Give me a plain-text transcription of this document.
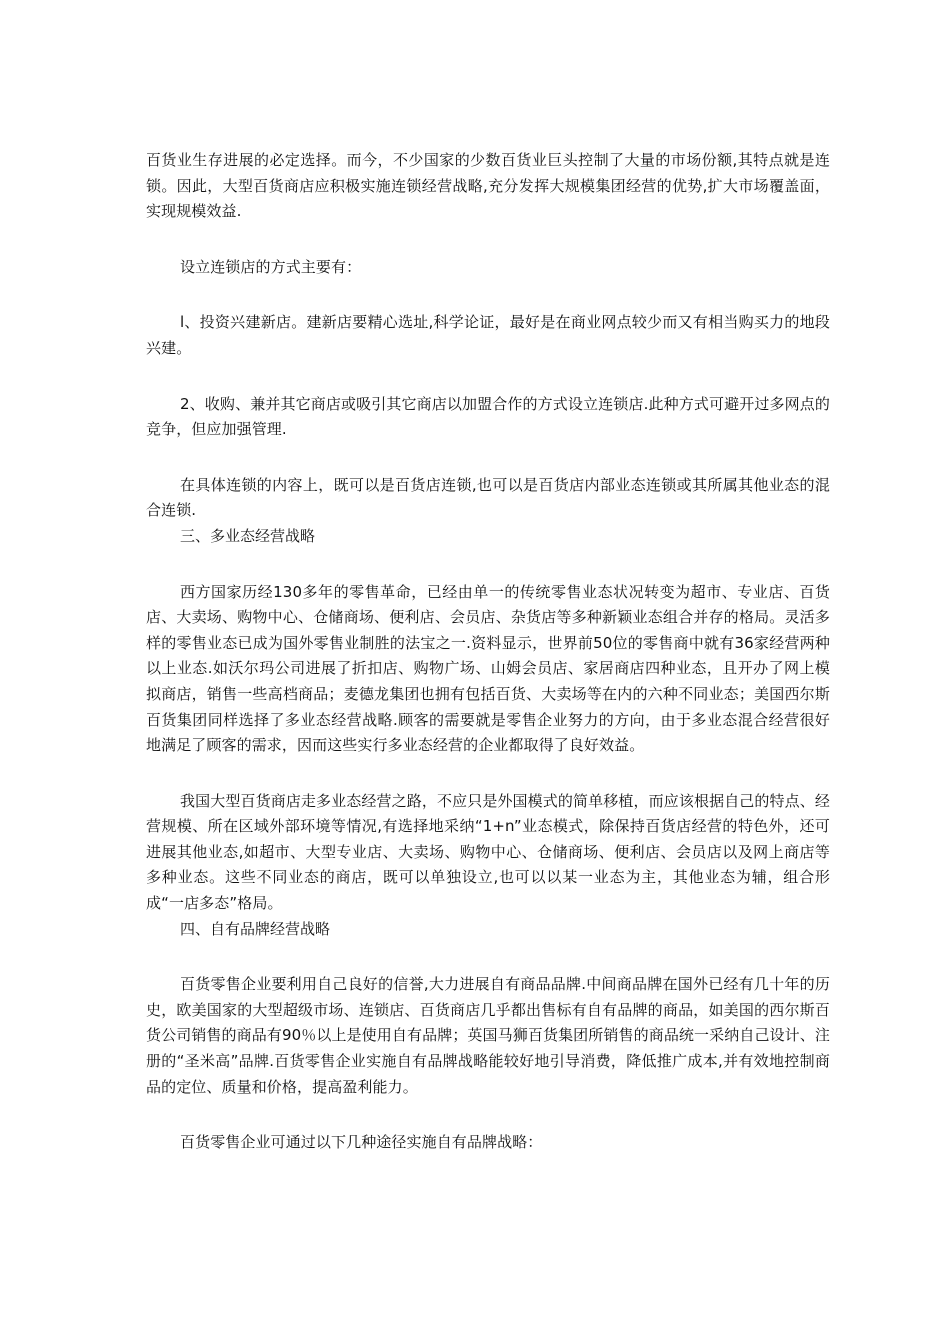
百货业生存进展的必定选择。而今，不少国家的少数百货业巨头控制了大量的市场份额,其特点就是连锁。因此，大型百货商店应积极实施连锁经营战略,充分发挥大规模集团经营的优势,扩大市场覆盖面，实现规模效益.

设立连锁店的方式主要有：

l、投资兴建新店。建新店要精心选址,科学论证，最好是在商业网点较少而又有相当购买力的地段兴建。

2、收购、兼并其它商店或吸引其它商店以加盟合作的方式设立连锁店.此种方式可避开过多网点的竞争，但应加强管理.

在具体连锁的内容上，既可以是百货店连锁,也可以是百货店内部业态连锁或其所属其他业态的混合连锁.

三、多业态经营战略

西方国家历经130多年的零售革命，已经由单一的传统零售业态状况转变为超市、专业店、百货店、大卖场、购物中心、仓储商场、便利店、会员店、杂货店等多种新颖业态组合并存的格局。灵活多样的零售业态已成为国外零售业制胜的法宝之一.资料显示，世界前50位的零售商中就有36家经营两种以上业态.如沃尔玛公司进展了折扣店、购物广场、山姆会员店、家居商店四种业态，且开办了网上模拟商店，销售一些高档商品；麦德龙集团也拥有包括百货、大卖场等在内的六种不同业态；美国西尔斯百货集团同样选择了多业态经营战略.顾客的需要就是零售企业努力的方向，由于多业态混合经营很好地满足了顾客的需求，因而这些实行多业态经营的企业都取得了良好效益。

我国大型百货商店走多业态经营之路，不应只是外国模式的简单移植，而应该根据自己的特点、经营规模、所在区域外部环境等情况,有选择地采纳“1+n”业态模式，除保持百货店经营的特色外，还可进展其他业态,如超市、大型专业店、大卖场、购物中心、仓储商场、便利店、会员店以及网上商店等多种业态。这些不同业态的商店，既可以单独设立,也可以以某一业态为主，其他业态为辅，组合形成“一店多态”格局。

四、自有品牌经营战略

百货零售企业要利用自己良好的信誉,大力进展自有商品品牌.中间商品牌在国外已经有几十年的历史，欧美国家的大型超级市场、连锁店、百货商店几乎都出售标有自有品牌的商品，如美国的西尔斯百货公司销售的商品有90％以上是使用自有品牌；英国马狮百货集团所销售的商品统一采纳自己设计、注册的“圣米高”品牌.百货零售企业实施自有品牌战略能较好地引导消费，降低推广成本,并有效地控制商品的定位、质量和价格，提高盈利能力。

百货零售企业可通过以下几种途径实施自有品牌战略：
